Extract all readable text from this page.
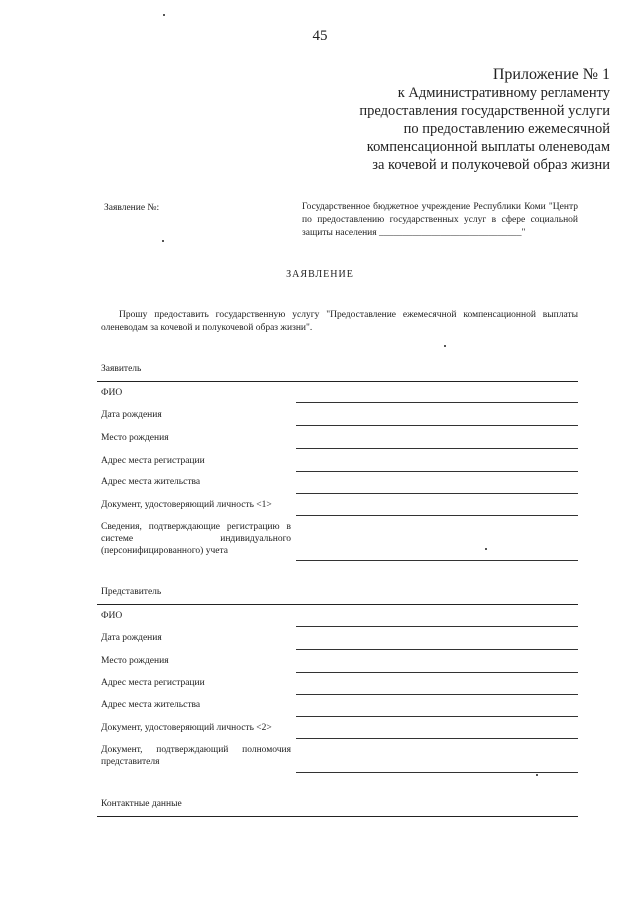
45
Приложение № 1
к Административному регламенту
предоставления государственной услуги
по предоставлению ежемесячной
компенсационной выплаты оленеводам
за кочевой и полукочевой образ жизни
Заявление №:	Государственное бюджетное учреждение Республики Коми "Центр по предоставлению государственных услуг в сфере социальной защиты населения ______________________________"
ЗАЯВЛЕНИЕ
Прошу предоставить государственную услугу "Предоставление ежемесячной компенсационной выплаты оленеводам за кочевой и полукочевой образ жизни".
Заявитель
ФИО
Дата рождения
Место рождения
Адрес места регистрации
Адрес места жительства
Документ, удостоверяющий личность <1>
Сведения, подтверждающие регистрацию в системе индивидуального (персонифицированного) учета
Представитель
ФИО
Дата рождения
Место рождения
Адрес места регистрации
Адрес места жительства
Документ, удостоверяющий личность <2>
Документ, подтверждающий полномочия представителя
Контактные данные
